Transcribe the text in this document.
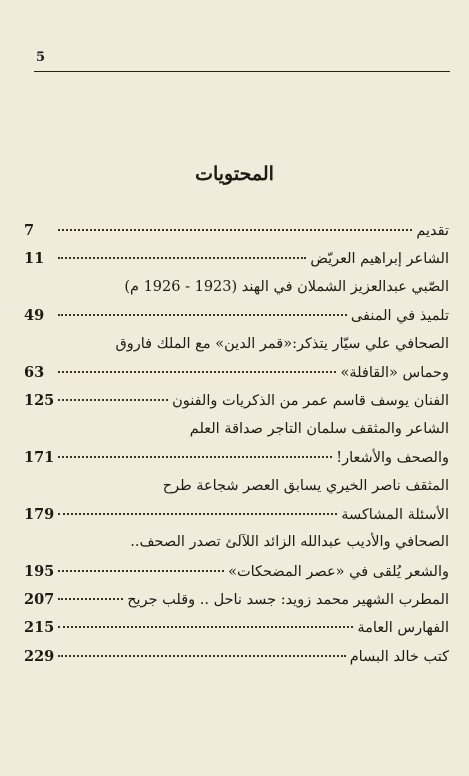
5
المحتويات
تقديم
7
الشاعر إبراهيم العريّض
11
الصّبي عبدالعزيز الشملان في الهند (1923 - 1926 م)
تلميذ في المنفى
49
الصحافي علي سيّار يتذكر:«قمر الدين» مع الملك فاروق
وحماس «القافلة»
63
الفنان يوسف قاسم عمر من الذكريات والفنون
125
الشاعر والمثقف سلمان التاجر صداقة العلم
والصحف والأشعار!
171
المثقف ناصر الخيري يسابق العصر شجاعة طرح
الأسئلة المشاكسة
179
الصحافي والأديب عبدالله الزائد اللآلئ تصدر الصحف..
والشعر يُلقى في «عصر المضحكات»
195
المطرب الشهير محمد زويد: جسد ناحل .. وقلب جريح
207
الفهارس العامة
215
كتب خالد البسام
229
